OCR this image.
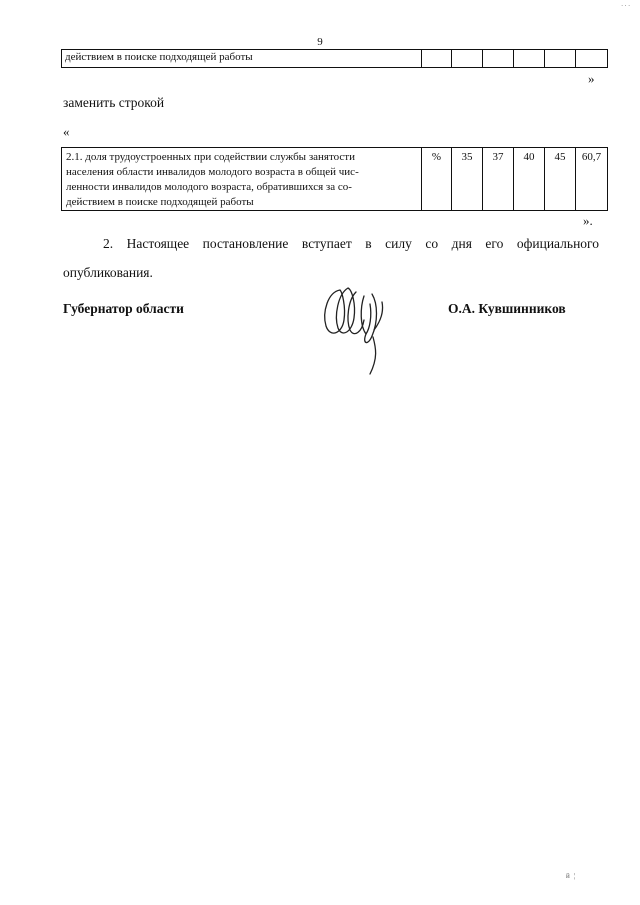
. . .
9
действием в поиске подходящей работы						
»
заменить строкой
«
2.1. доля трудоустроенных при содействии службы занятости
населения области инвалидов молодого возраста в общей чис-
ленности инвалидов молодого возраста, обратившихся за со-
действием в поиске подходящей работы
	%	35	37	40	45	60,7
».
2. Настоящее постановление вступает в силу со дня его официального опубликования.
Губернатор области	О.А. Кувшинников
й ¦
